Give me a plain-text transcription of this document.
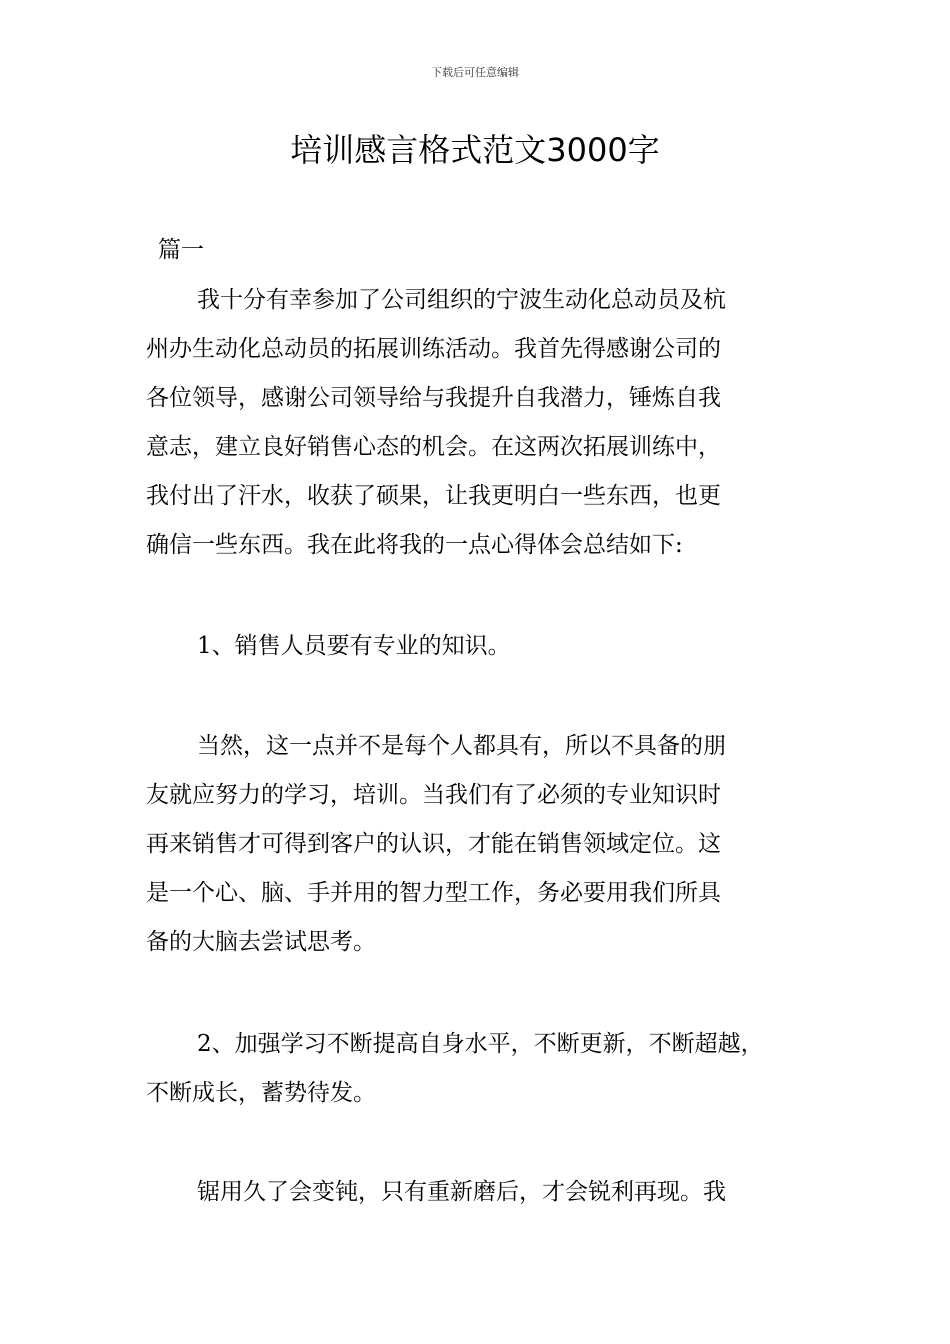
下载后可任意编辑
培训感言格式范文3000字
篇一
我十分有幸参加了公司组织的宁波生动化总动员及杭
州办生动化总动员的拓展训练活动。我首先得感谢公司的
各位领导，感谢公司领导给与我提升自我潜力，锤炼自我
意志，建立良好销售心态的机会。在这两次拓展训练中，
我付出了汗水，收获了硕果，让我更明白一些东西，也更
确信一些东西。我在此将我的一点心得体会总结如下:
1、销售人员要有专业的知识。
当然，这一点并不是每个人都具有，所以不具备的朋
友就应努力的学习，培训。当我们有了必须的专业知识时
再来销售才可得到客户的认识，才能在销售领域定位。这
是一个心、脑、手并用的智力型工作，务必要用我们所具
备的大脑去尝试思考。
2、加强学习不断提高自身水平，不断更新，不断超越，
不断成长，蓄势待发。
锯用久了会变钝，只有重新磨后，才会锐利再现。我
